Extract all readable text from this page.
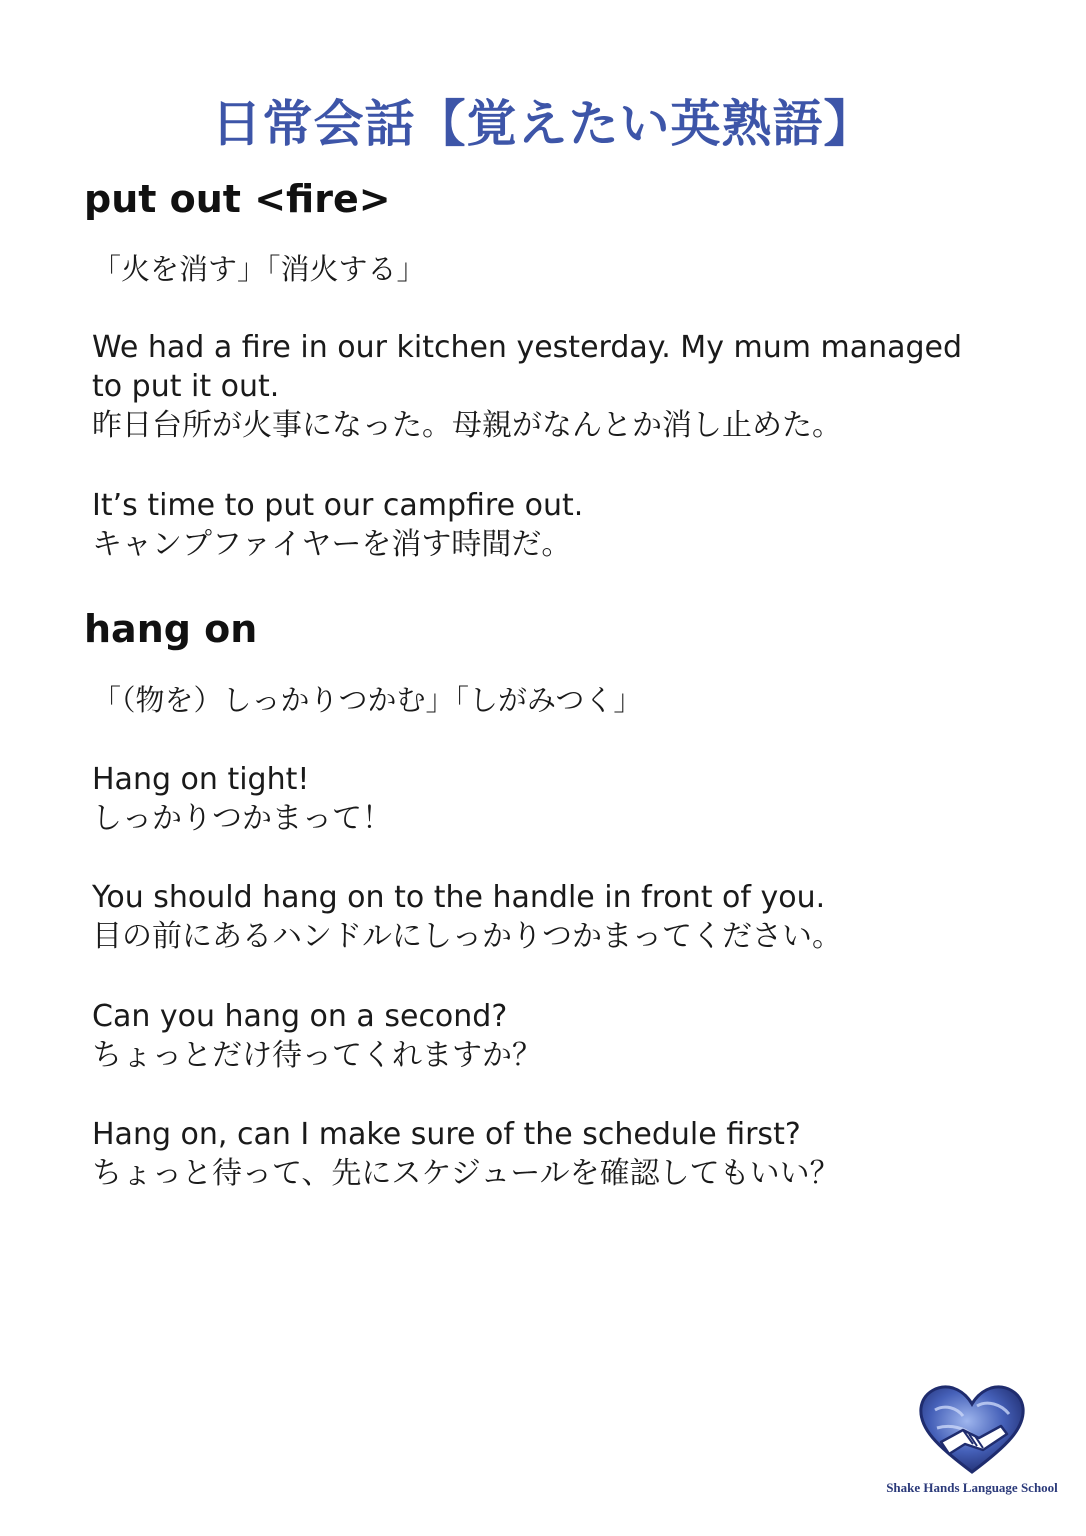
日常会話【覚えたい英熟語】
put out <fire>
「火を消す」「消火する」
We had a fire in our kitchen yesterday. My mum managed
to put it out.
昨日台所が火事になった。母親がなんとか消し止めた。
It’s time to put our campfire out.
キャンプファイヤーを消す時間だ。
hang on
「（物を）しっかりつかむ」「しがみつく」
Hang on tight!
しっかりつかまって！
You should hang on to the handle in front of you.
目の前にあるハンドルにしっかりつかまってください。
Can you hang on a second?
ちょっとだけ待ってくれますか？
Hang on, can I make sure of the schedule first?
ちょっと待って、先にスケジュールを確認してもいい？
Shake Hands Language School
